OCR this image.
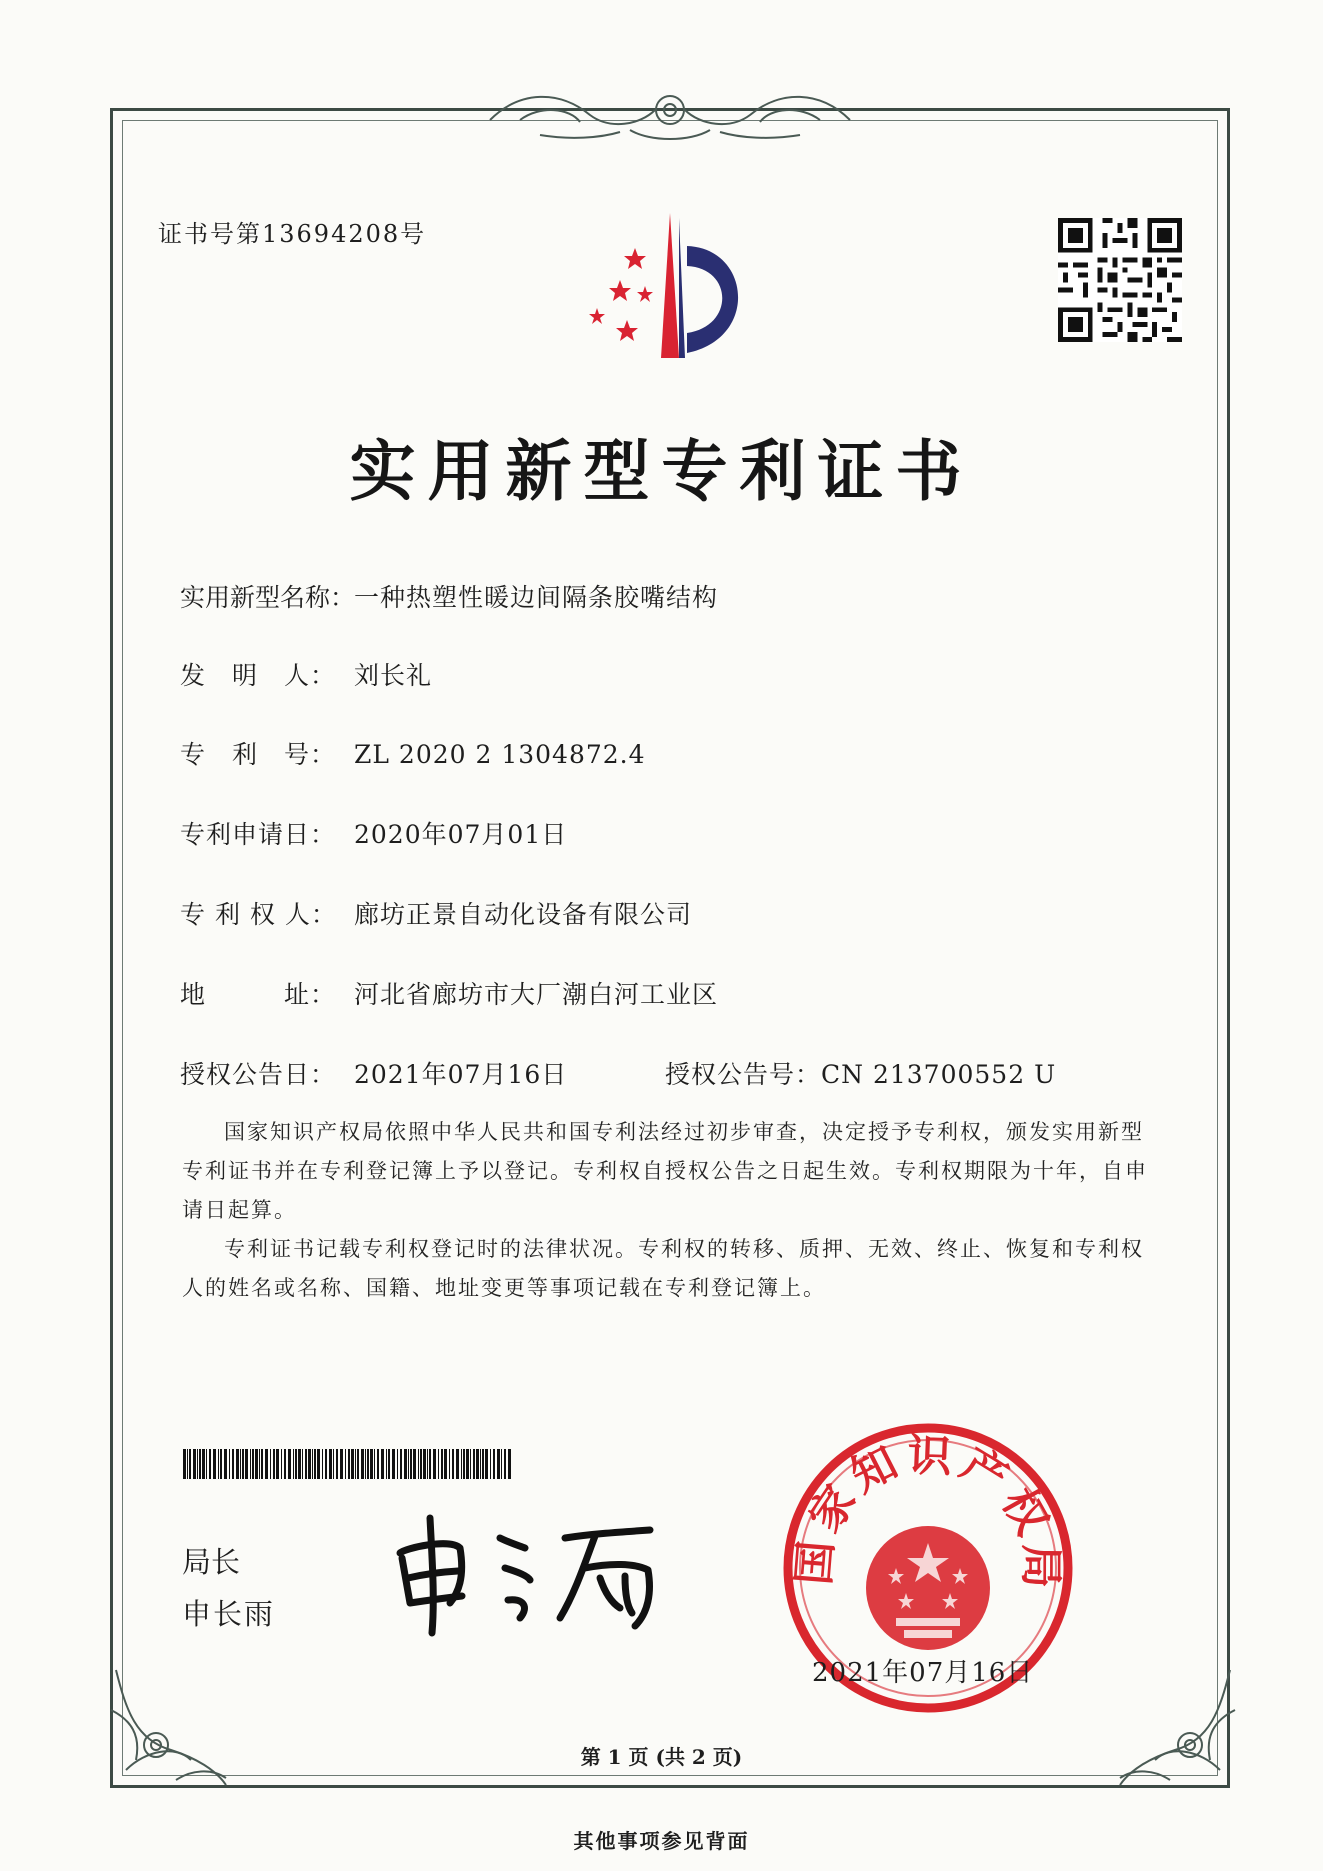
证书号第13694208号
实用新型专利证书
实用新型名称：一种热塑性暖边间隔条胶嘴结构
发　明　人： 刘长礼
专　利　号： ZL 2020 2 1304872.4
专利申请日： 2020年07月01日
专 利 权 人： 廊坊正景自动化设备有限公司
地　　　址： 河北省廊坊市大厂潮白河工业区
授权公告日： 2021年07月16日	授权公告号：CN 213700552 U
国家知识产权局依照中华人民共和国专利法经过初步审查，决定授予专利权，颁发实用新型专利证书并在专利登记簿上予以登记。专利权自授权公告之日起生效。专利权期限为十年，自申请日起算。
专利证书记载专利权登记时的法律状况。专利权的转移、质押、无效、终止、恢复和专利权人的姓名或名称、国籍、地址变更等事项记载在专利登记簿上。
局长
申长雨
国家知识产权局
2021年07月16日
第 1 页 (共 2 页)
其他事项参见背面
